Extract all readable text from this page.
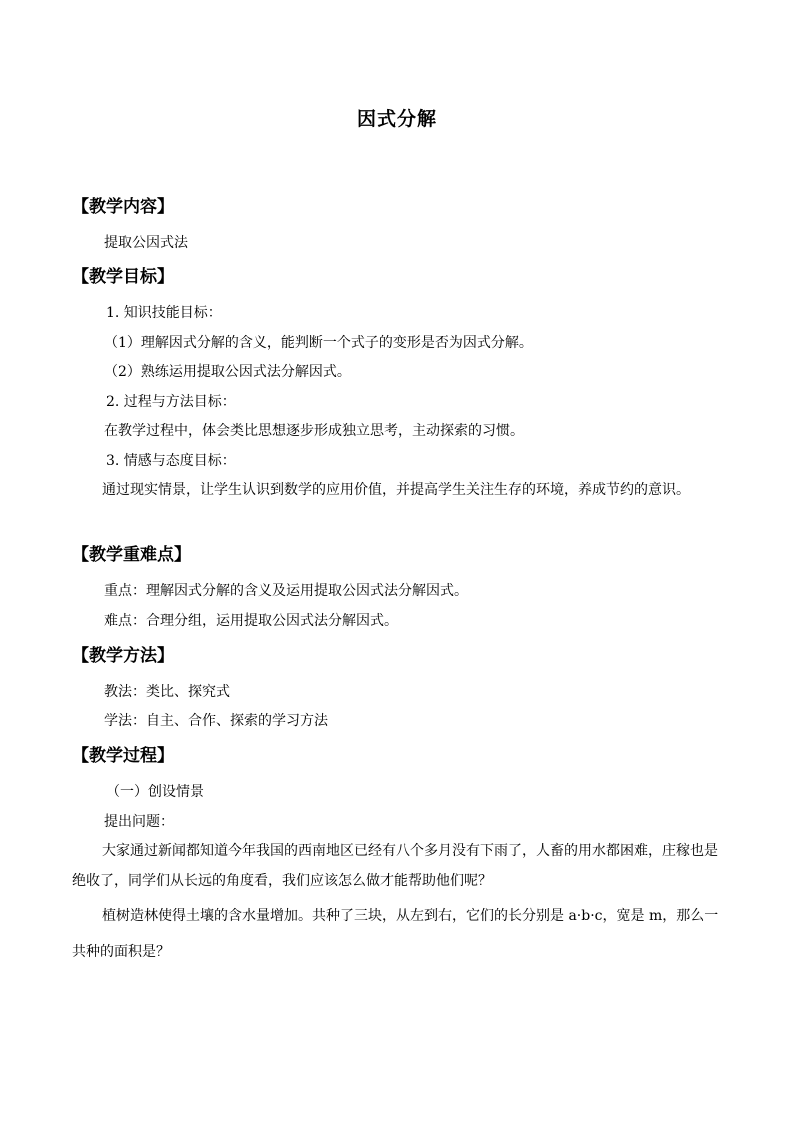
因式分解
【教学内容】
提取公因式法
【教学目标】
1. 知识技能目标：
（1）理解因式分解的含义，能判断一个式子的变形是否为因式分解。
（2）熟练运用提取公因式法分解因式。
2. 过程与方法目标：
在教学过程中，体会类比思想逐步形成独立思考，主动探索的习惯。
3. 情感与态度目标：
通过现实情景，让学生认识到数学的应用价值，并提高学生关注生存的环境，养成节约的意识。
【教学重难点】
重点：理解因式分解的含义及运用提取公因式法分解因式。
难点：合理分组，运用提取公因式法分解因式。
【教学方法】
教法：类比、探究式
学法：自主、合作、探索的学习方法
【教学过程】
（一）创设情景
提出问题：
大家通过新闻都知道今年我国的西南地区已经有八个多月没有下雨了，人畜的用水都困难，庄稼也是绝收了，同学们从长远的角度看，我们应该怎么做才能帮助他们呢？
植树造林使得土壤的含水量增加。共种了三块，从左到右，它们的长分别是 a·b·c，宽是 m，那么一共种的面积是？
